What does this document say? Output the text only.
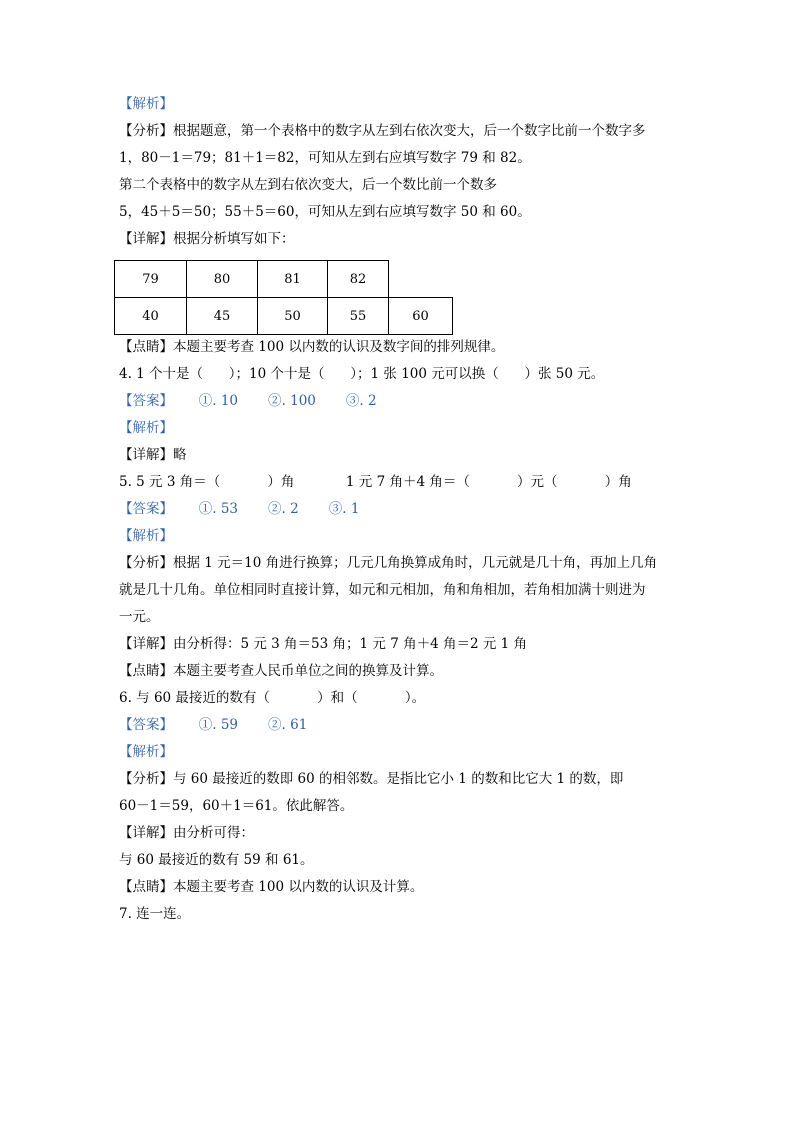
【解析】
【分析】根据题意，第一个表格中的数字从左到右依次变大，后一个数字比前一个数字多
1，80－1＝79；81＋1＝82，可知从左到右应填写数字 79 和 82。
第二个表格中的数字从左到右依次变大，后一个数比前一个数多
5，45＋5＝50；55＋5＝60，可知从左到右应填写数字 50 和 60。
【详解】根据分析填写如下：
79	80	81	82
40	45	50	55	60
【点睛】本题主要考查 100 以内数的认识及数字间的排列规律。
4. 1 个十是（      ）；10 个十是（      ）；1 张 100 元可以换（      ）张 50 元。
【答案】      ①. 10       ②. 100       ③. 2
【解析】
【详解】略
5. 5 元 3 角＝（           ）角            1 元 7 角＋4 角＝（           ）元（           ）角
【答案】      ①. 53       ②. 2       ③. 1
【解析】
【分析】根据 1 元＝10 角进行换算；几元几角换算成角时，几元就是几十角，再加上几角
就是几十几角。单位相同时直接计算，如元和元相加，角和角相加，若角相加满十则进为
一元。
【详解】由分析得：5 元 3 角＝53 角；1 元 7 角＋4 角＝2 元 1 角
【点睛】本题主要考查人民币单位之间的换算及计算。
6. 与 60 最接近的数有（           ）和（           ）。
【答案】      ①. 59       ②. 61
【解析】
【分析】与 60 最接近的数即 60 的相邻数。是指比它小 1 的数和比它大 1 的数，即
60－1＝59，60＋1＝61。依此解答。
【详解】由分析可得：
与 60 最接近的数有 59 和 61。
【点睛】本题主要考查 100 以内数的认识及计算。
7. 连一连。
